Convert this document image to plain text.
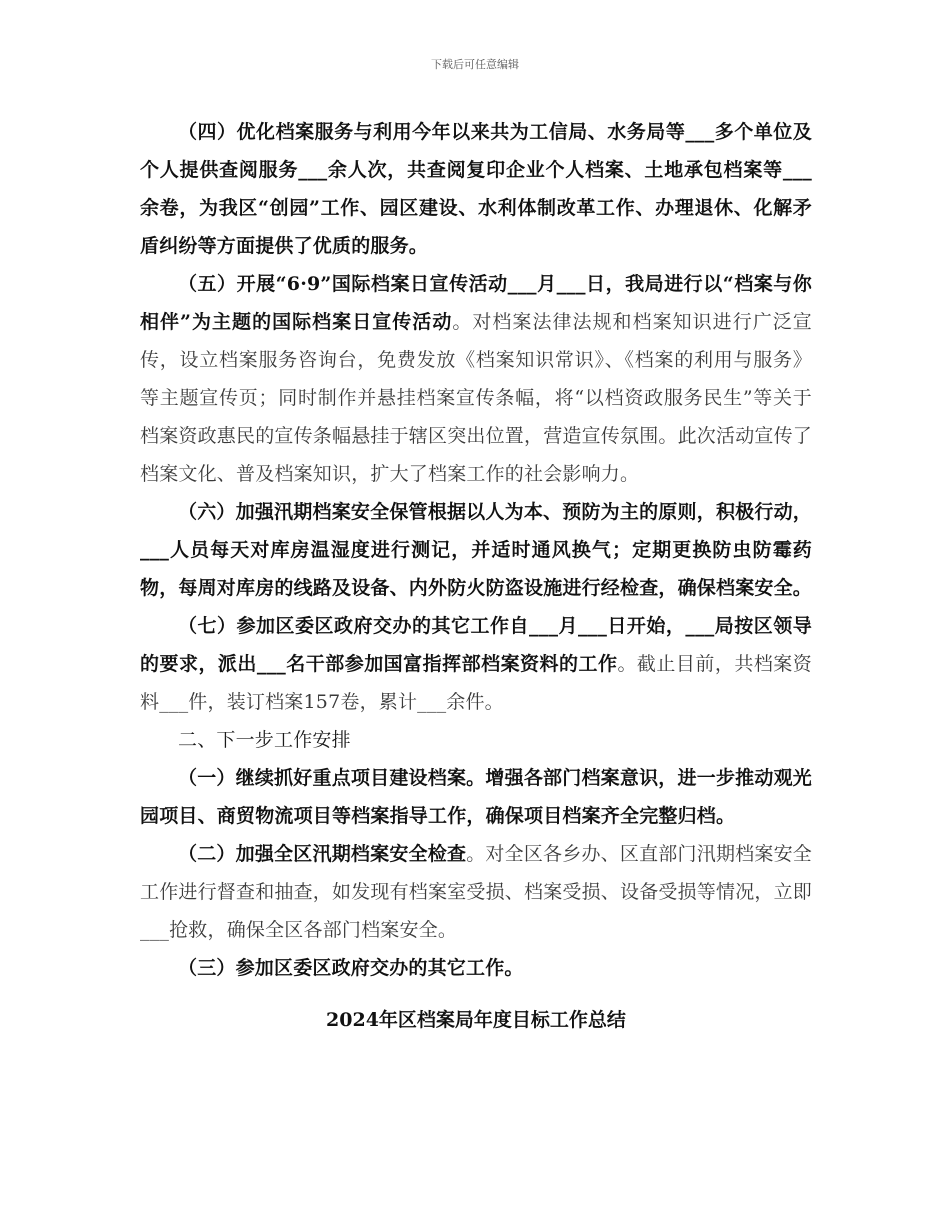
下载后可任意编辑

（四）优化档案服务与利用今年以来共为工信局、水务局等___多个单位及个人提供查阅服务___余人次，共查阅复印企业个人档案、土地承包档案等___余卷，为我区“创园”工作、园区建设、水利体制改革工作、办理退休、化解矛盾纠纷等方面提供了优质的服务。

（五）开展“6·9”国际档案日宣传活动___月___日，我局进行以“档案与你相伴”为主题的国际档案日宣传活动。对档案法律法规和档案知识进行广泛宣传，设立档案服务咨询台，免费发放《档案知识常识》、《档案的利用与服务》等主题宣传页；同时制作并悬挂档案宣传条幅，将“以档资政服务民生”等关于档案资政惠民的宣传条幅悬挂于辖区突出位置，营造宣传氛围。此次活动宣传了档案文化、普及档案知识，扩大了档案工作的社会影响力。

（六）加强汛期档案安全保管根据以人为本、预防为主的原则，积极行动，___人员每天对库房温湿度进行测记，并适时通风换气；定期更换防虫防霉药物，每周对库房的线路及设备、内外防火防盗设施进行经检查，确保档案安全。

（七）参加区委区政府交办的其它工作自___月___日开始，___局按区领导的要求，派出___名干部参加国富指挥部档案资料的工作。截止目前，共档案资料___件，装订档案157卷，累计___余件。

二、下一步工作安排

（一）继续抓好重点项目建设档案。增强各部门档案意识，进一步推动观光园项目、商贸物流项目等档案指导工作，确保项目档案齐全完整归档。

（二）加强全区汛期档案安全检查。对全区各乡办、区直部门汛期档案安全工作进行督查和抽查，如发现有档案室受损、档案受损、设备受损等情况，立即___抢救，确保全区各部门档案安全。

（三）参加区委区政府交办的其它工作。

2024年区档案局年度目标工作总结
